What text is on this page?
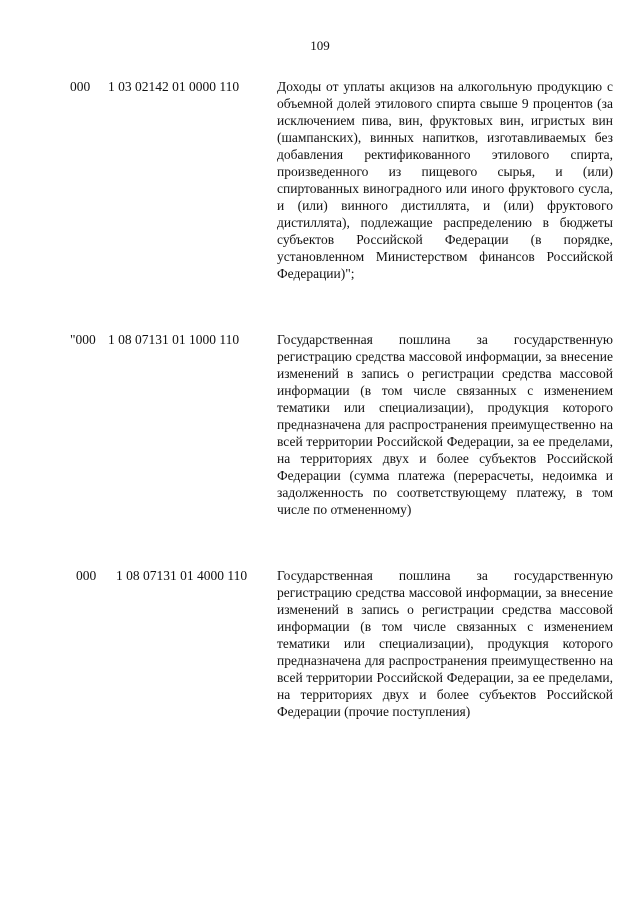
109
000 1 03 02142 01 0000 110	Доходы от уплаты акцизов на алкогольную продукцию с объемной долей этилового спирта свыше 9 процентов (за исключением пива, вин, фруктовых вин, игристых вин (шампанских), винных напитков, изготавливаемых без добавления ректификованного этилового спирта, произведенного из пищевого сырья, и (или) спиртованных виноградного или иного фруктового сусла, и (или) винного дистиллята, и (или) фруктового дистиллята), подлежащие распределению в бюджеты субъектов Российской Федерации (в порядке, установленном Министерством финансов Российской Федерации)";
"000 1 08 07131 01 1000 110	Государственная пошлина за государственную регистрацию средства массовой информации, за внесение изменений в запись о регистрации средства массовой информации (в том числе связанных с изменением тематики или специализации), продукция которого предназначена для распространения преимущественно на всей территории Российской Федерации, за ее пределами, на территориях двух и более субъектов Российской Федерации (сумма платежа (перерасчеты, недоимка и задолженность по соответствующему платежу, в том числе по отмененному)
000 1 08 07131 01 4000 110 Государственная пошлина за государственную регистрацию средства массовой информации, за внесение изменений в запись о регистрации средства массовой информации (в том числе связанных с изменением тематики или специализации), продукция которого предназначена для распространения преимущественно на всей территории Российской Федерации, за ее пределами, на территориях двух и более субъектов Российской Федерации (прочие поступления)
